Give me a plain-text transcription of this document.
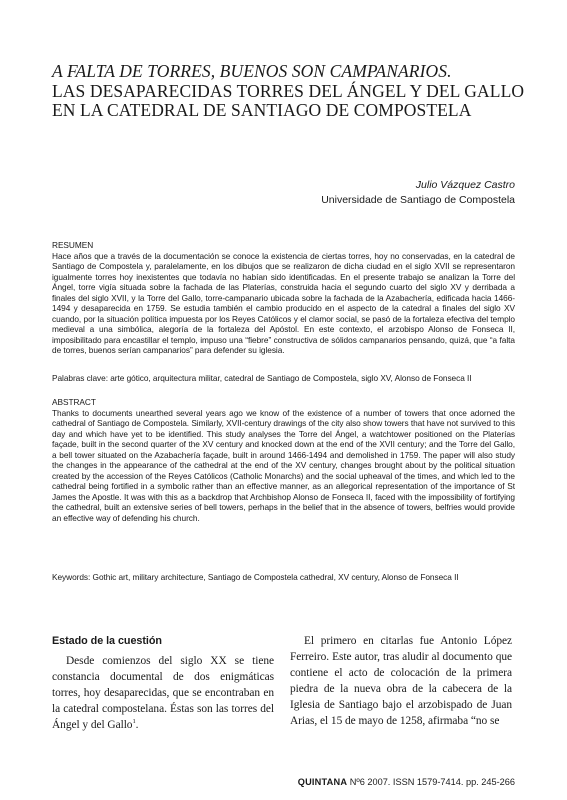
A FALTA DE TORRES, BUENOS SON CAMPANARIOS.
LAS DESAPARECIDAS TORRES DEL ÁNGEL Y DEL GALLO
EN LA CATEDRAL DE SANTIAGO DE COMPOSTELA
Julio Vázquez Castro
Universidade de Santiago de Compostela
RESUMEN
Hace años que a través de la documentación se conoce la existencia de ciertas torres, hoy no conservadas, en la catedral de Santiago de Compostela y, paralelamente, en los dibujos que se realizaron de dicha ciudad en el siglo XVII se representaron igualmente torres hoy inexistentes que todavía no habían sido identificadas. En el presente trabajo se analizan la Torre del Ángel, torre vigía situada sobre la fachada de las Platerías, construida hacia el segundo cuarto del siglo XV y derribada a finales del siglo XVII, y la Torre del Gallo, torre-campanario ubicada sobre la fachada de la Azabachería, edificada hacia 1466-1494 y desaparecida en 1759. Se estudia también el cambio producido en el aspecto de la catedral a finales del siglo XV cuando, por la situación política impuesta por los Reyes Católicos y el clamor social, se pasó de la fortaleza efectiva del templo medieval a una simbólica, alegoría de la fortaleza del Apóstol. En este contexto, el arzobispo Alonso de Fonseca II, imposibilitado para encastillar el templo, impuso una “fiebre” constructiva de sólidos campanarios pensando, quizá, que “a falta de torres, buenos serían campanarios” para defender su iglesia.
Palabras clave: arte gótico, arquitectura militar, catedral de Santiago de Compostela, siglo XV, Alonso de Fonseca II
ABSTRACT
Thanks to documents unearthed several years ago we know of the existence of a number of towers that once adorned the cathedral of Santiago de Compostela. Similarly, XVII-century drawings of the city also show towers that have not survived to this day and which have yet to be identified. This study analyses the Torre del Ángel, a watchtower positioned on the Platerías façade, built in the second quarter of the XV century and knocked down at the end of the XVII century; and the Torre del Gallo, a bell tower situated on the Azabachería façade, built in around 1466-1494 and demolished in 1759. The paper will also study the changes in the appearance of the cathedral at the end of the XV century, changes brought about by the political situation created by the accession of the Reyes Católicos (Catholic Monarchs) and the social upheaval of the times, and which led to the cathedral being fortified in a symbolic rather than an effective manner, as an allegorical representation of the importance of St James the Apostle. It was with this as a backdrop that Archbishop Alonso de Fonseca II, faced with the impossibility of fortifying the cathedral, built an extensive series of bell towers, perhaps in the belief that in the absence of towers, belfries would provide an effective way of defending his church.
Keywords: Gothic art, military architecture, Santiago de Compostela cathedral, XV century, Alonso de Fonseca II
Estado de la cuestión
Desde comienzos del siglo XX se tiene constancia documental de dos enigmáticas torres, hoy desaparecidas, que se encontraban en la catedral compostelana. Éstas son las torres del Ángel y del Gallo$^1$.
El primero en citarlas fue Antonio López Ferreiro. Este autor, tras aludir al documento que contiene el acto de colocación de la primera piedra de la nueva obra de la cabecera de la Iglesia de Santiago bajo el arzobispado de Juan Arias, el 15 de mayo de 1258, afirmaba “no se
QUINTANA Nº6 2007. ISSN 1579-7414. pp. 245-266
